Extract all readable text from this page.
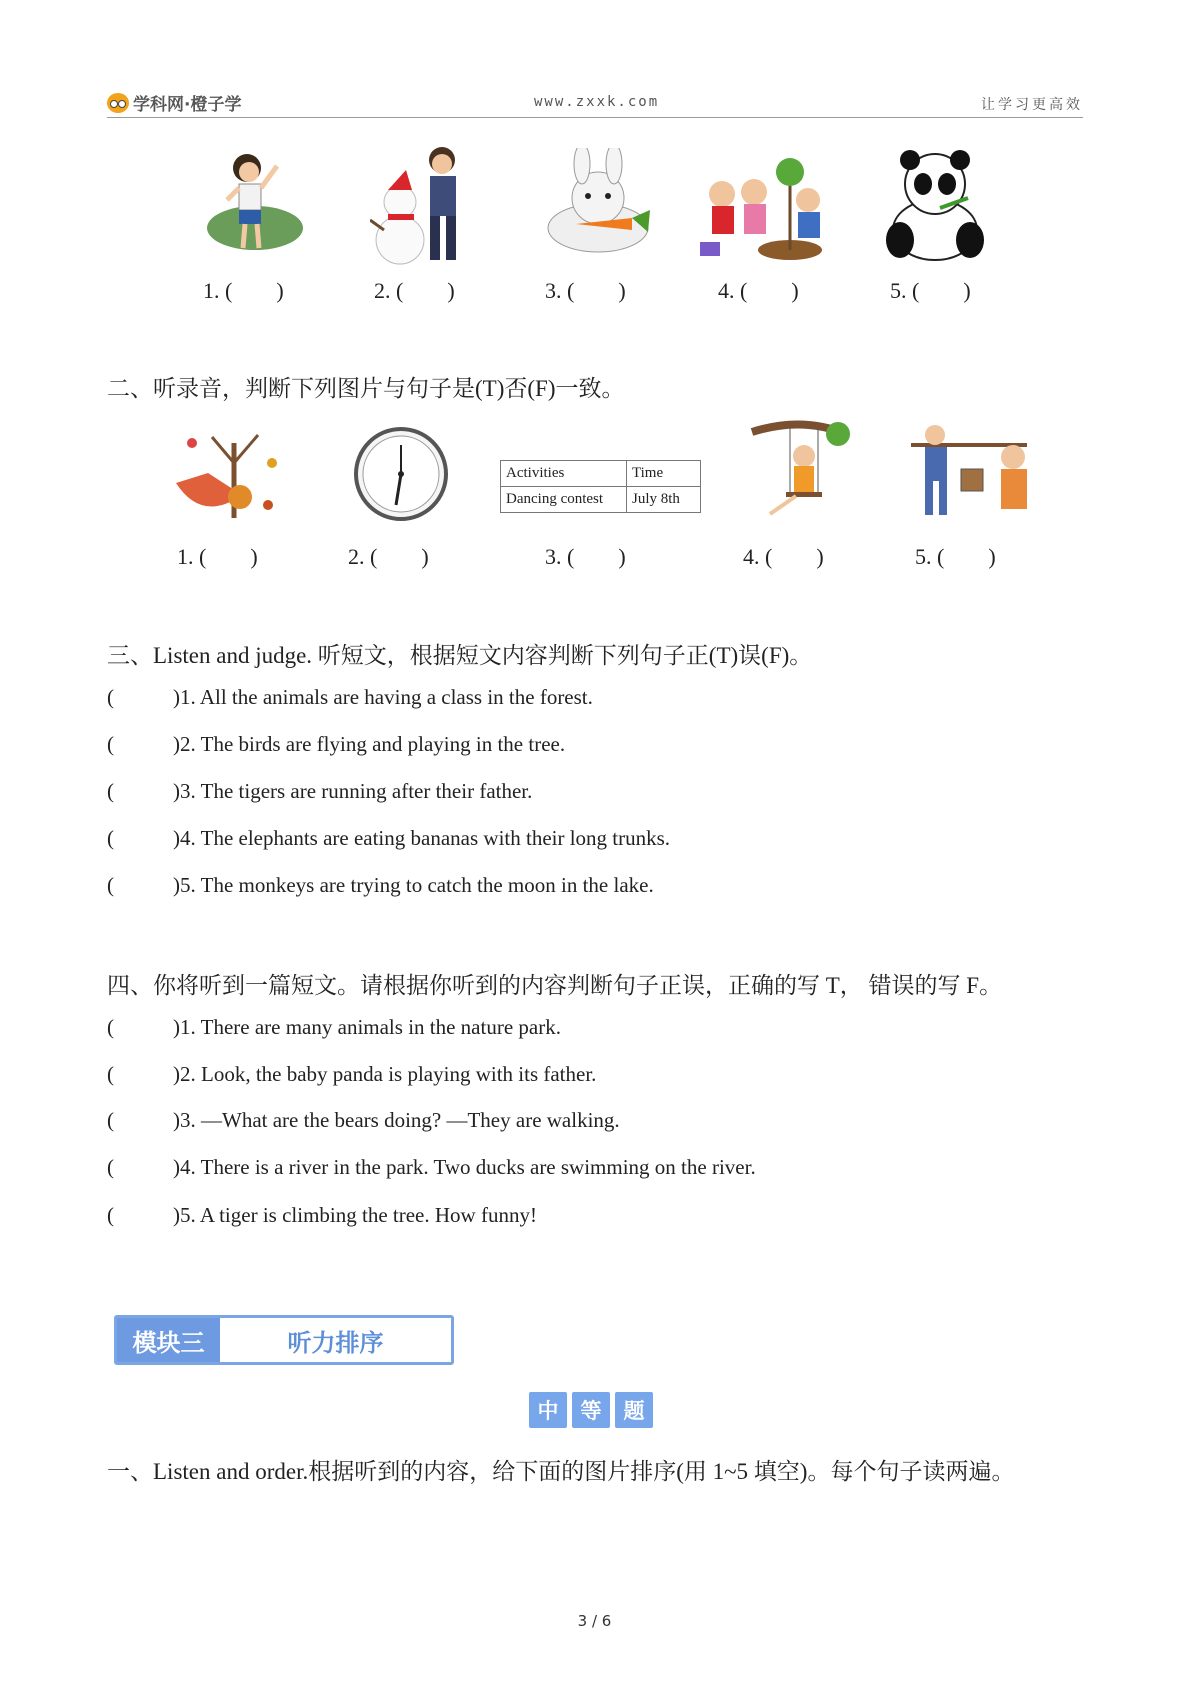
学科网·橙子学	www.zxxk.com	让学习更高效
1. (        )	2. (        )	3. (        )	4. (        )	5. (        )
二、听录音，判断下列图片与句子是(T)否(F)一致。
Activities	Time
Dancing contest	July 8th
1. (        )	2. (        )	3. (        )	4. (        )	5. (        )
三、Listen and judge. 听短文，根据短文内容判断下列句子正(T)误(F)。
(	)1. All the animals are having a class in the forest.
(	)2. The birds are flying and playing in the tree.
(	)3. The tigers are running after their father.
(	)4. The elephants are eating bananas with their long trunks.
(	)5. The monkeys are trying to catch the moon in the lake.
四、你将听到一篇短文。请根据你听到的内容判断句子正误，正确的写 T， 错误的写 F。
(	)1. There are many animals in the nature park.
(	)2. Look, the baby panda is playing with its father.
(	)3. —What are the bears doing? —They are walking.
(	)4. There is a river in the park. Two ducks are swimming on the river.
(	)5. A tiger is climbing the tree. How funny!
模块三	听力排序
中	等	题
一、Listen and order.根据听到的内容，给下面的图片排序(用 1~5 填空)。每个句子读两遍。
3 / 6
